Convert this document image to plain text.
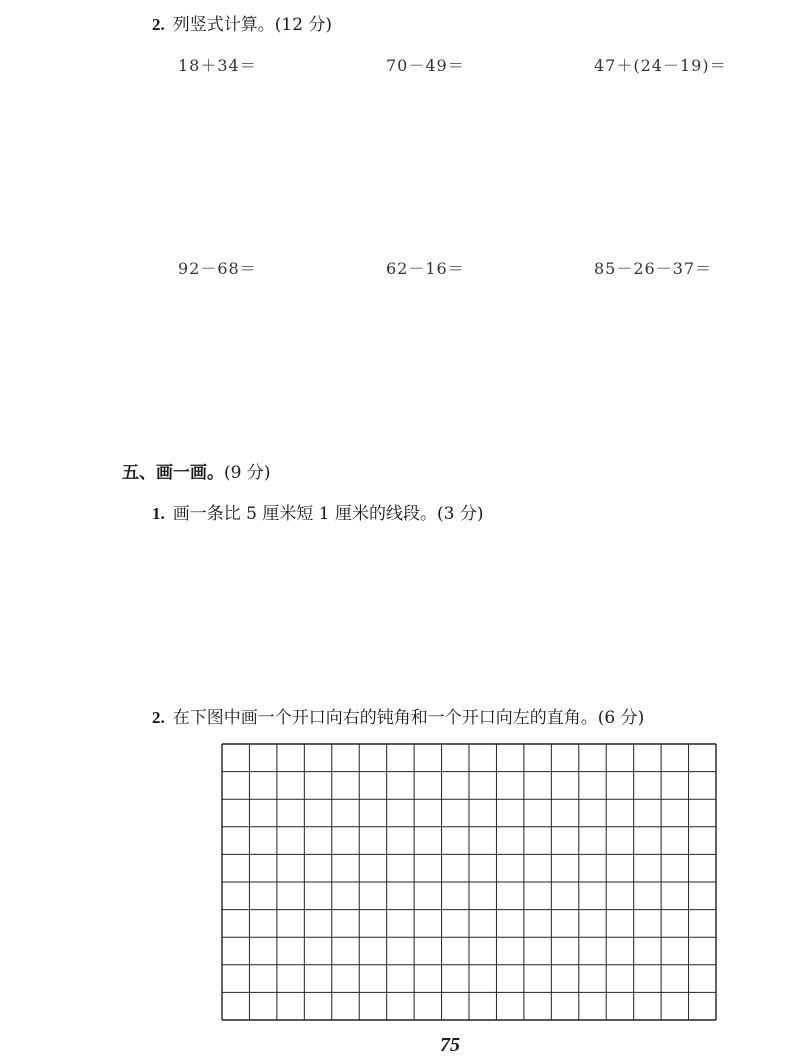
2. 列竖式计算。(12 分)
18＋34＝	70－49＝	47＋(24－19)＝
92－68＝	62－16＝	85－26－37＝
五、画一画。(9 分)
1. 画一条比 5 厘米短 1 厘米的线段。(3 分)
2. 在下图中画一个开口向右的钝角和一个开口向左的直角。(6 分)
75
